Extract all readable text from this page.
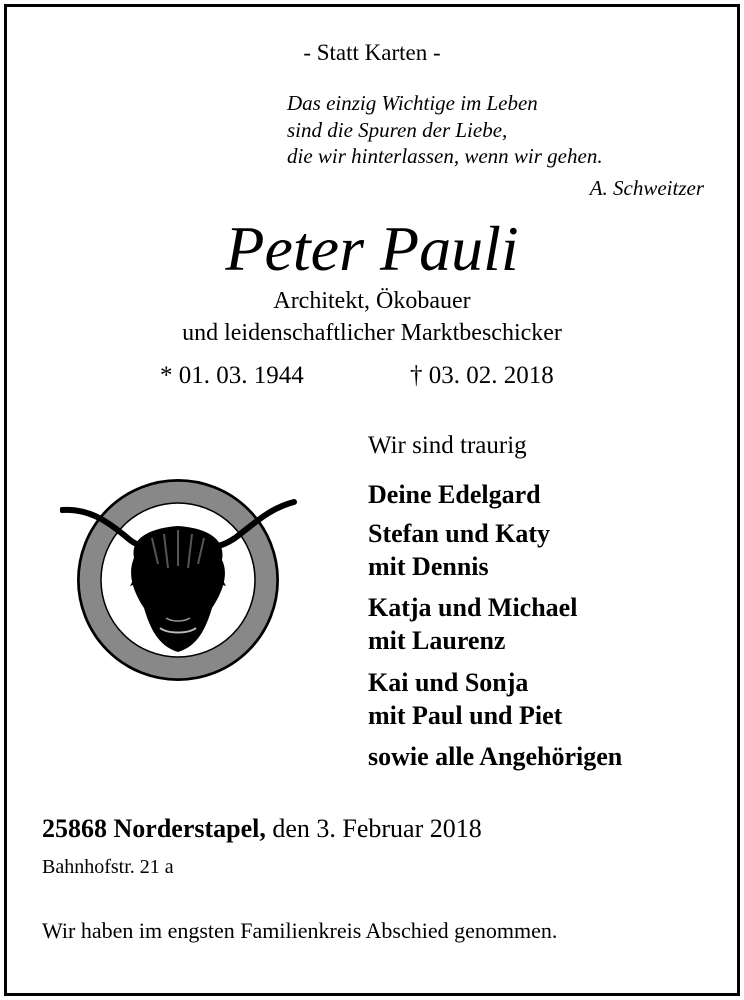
- Statt Karten -
Das einzig Wichtige im Leben
sind die Spuren der Liebe,
die wir hinterlassen, wenn wir gehen.
A. Schweitzer
Peter Pauli
Architekt, Ökobauer
und leidenschaftlicher Marktbeschicker
* 01. 03. 1944	† 03. 02. 2018
Wir sind traurig
Deine Edelgard
Stefan und Katy
mit Dennis
Katja und Michael
mit Laurenz
Kai und Sonja
mit Paul und Piet
sowie alle Angehörigen
25868 Norderstapel, den 3. Februar 2018
Bahnhofstr. 21 a
Wir haben im engsten Familienkreis Abschied genommen.
